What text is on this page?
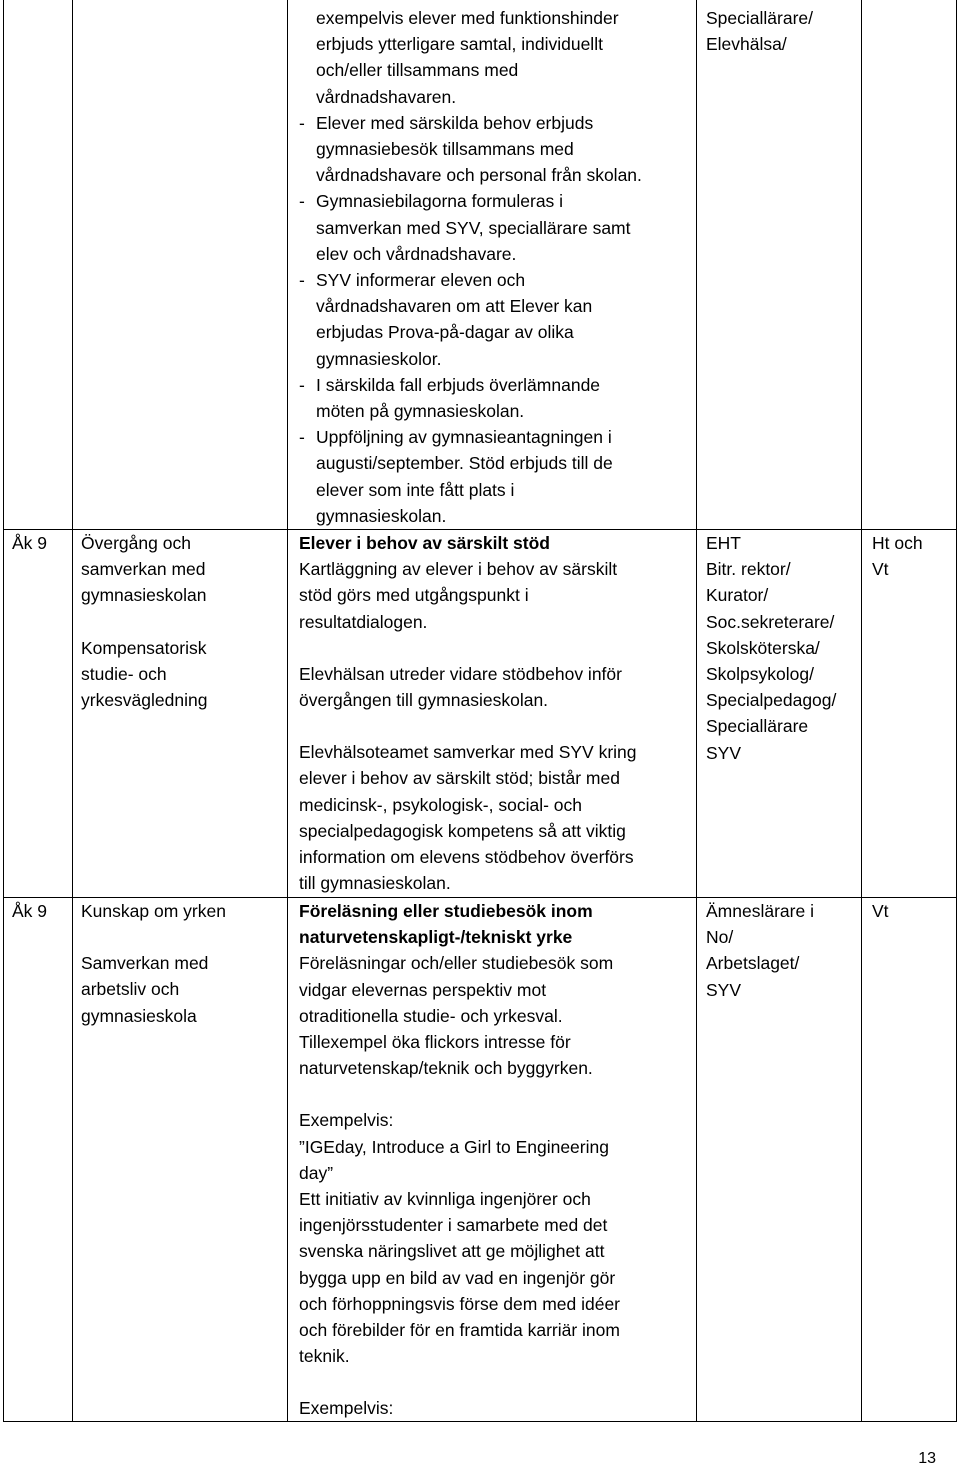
exempelvis elever med funktionshinder
erbjuds ytterligare samtal, individuellt
och/eller tillsammans med
vårdnadshavaren.
- Elever med särskilda behov erbjuds
gymnasiebesök tillsammans med
vårdnadshavare och personal från skolan.
- Gymnasiebilagorna formuleras i
samverkan med SYV, speciallärare samt
elev och vårdnadshavare.
- SYV informerar eleven och
vårdnadshavaren om att Elever kan
erbjudas Prova-på-dagar av olika
gymnasieskolor.
- I särskilda fall erbjuds överlämnande
möten på gymnasieskolan.
- Uppföljning av gymnasieantagningen i
augusti/september. Stöd erbjuds till de
elever som inte fått plats i
gymnasieskolan.
Speciallärare/
Elevhälsa/
Åk 9 Övergång och
samverkan med
gymnasieskolan
Kompensatorisk
studie- och
yrkesvägledning
Elever i behov av särskilt stöd
Kartläggning av elever i behov av särskilt
stöd görs med utgångspunkt i
resultatdialogen.
Elevhälsan utreder vidare stödbehov inför
övergången till gymnasieskolan.
Elevhälsoteamet samverkar med SYV kring
elever i behov av särskilt stöd; bistår med
medicinsk-, psykologisk-, social- och
specialpedagogisk kompetens så att viktig
information om elevens stödbehov överförs
till gymnasieskolan.
EHT
Bitr. rektor/
Kurator/
Soc.sekreterare/
Skolsköterska/
Skolpsykolog/
Specialpedagog/
Speciallärare
SYV
Ht och
Vt
Åk 9 Kunskap om yrken
Samverkan med
arbetsliv och
gymnasieskola
Föreläsning eller studiebesök inom
naturvetenskapligt-/tekniskt yrke
Föreläsningar och/eller studiebesök som
vidgar elevernas perspektiv mot
otraditionella studie- och yrkesval.
Tillexempel öka flickors intresse för
naturvetenskap/teknik och byggyrken.
Exempelvis:
”IGEday, Introduce a Girl to Engineering
day”
Ett initiativ av kvinnliga ingenjörer och
ingenjörsstudenter i samarbete med det
svenska näringslivet att ge möjlighet att
bygga upp en bild av vad en ingenjör gör
och förhoppningsvis förse dem med idéer
och förebilder för en framtida karriär inom
teknik.
Exempelvis:
Ämneslärare i
No/
Arbetslaget/
SYV
Vt
13
